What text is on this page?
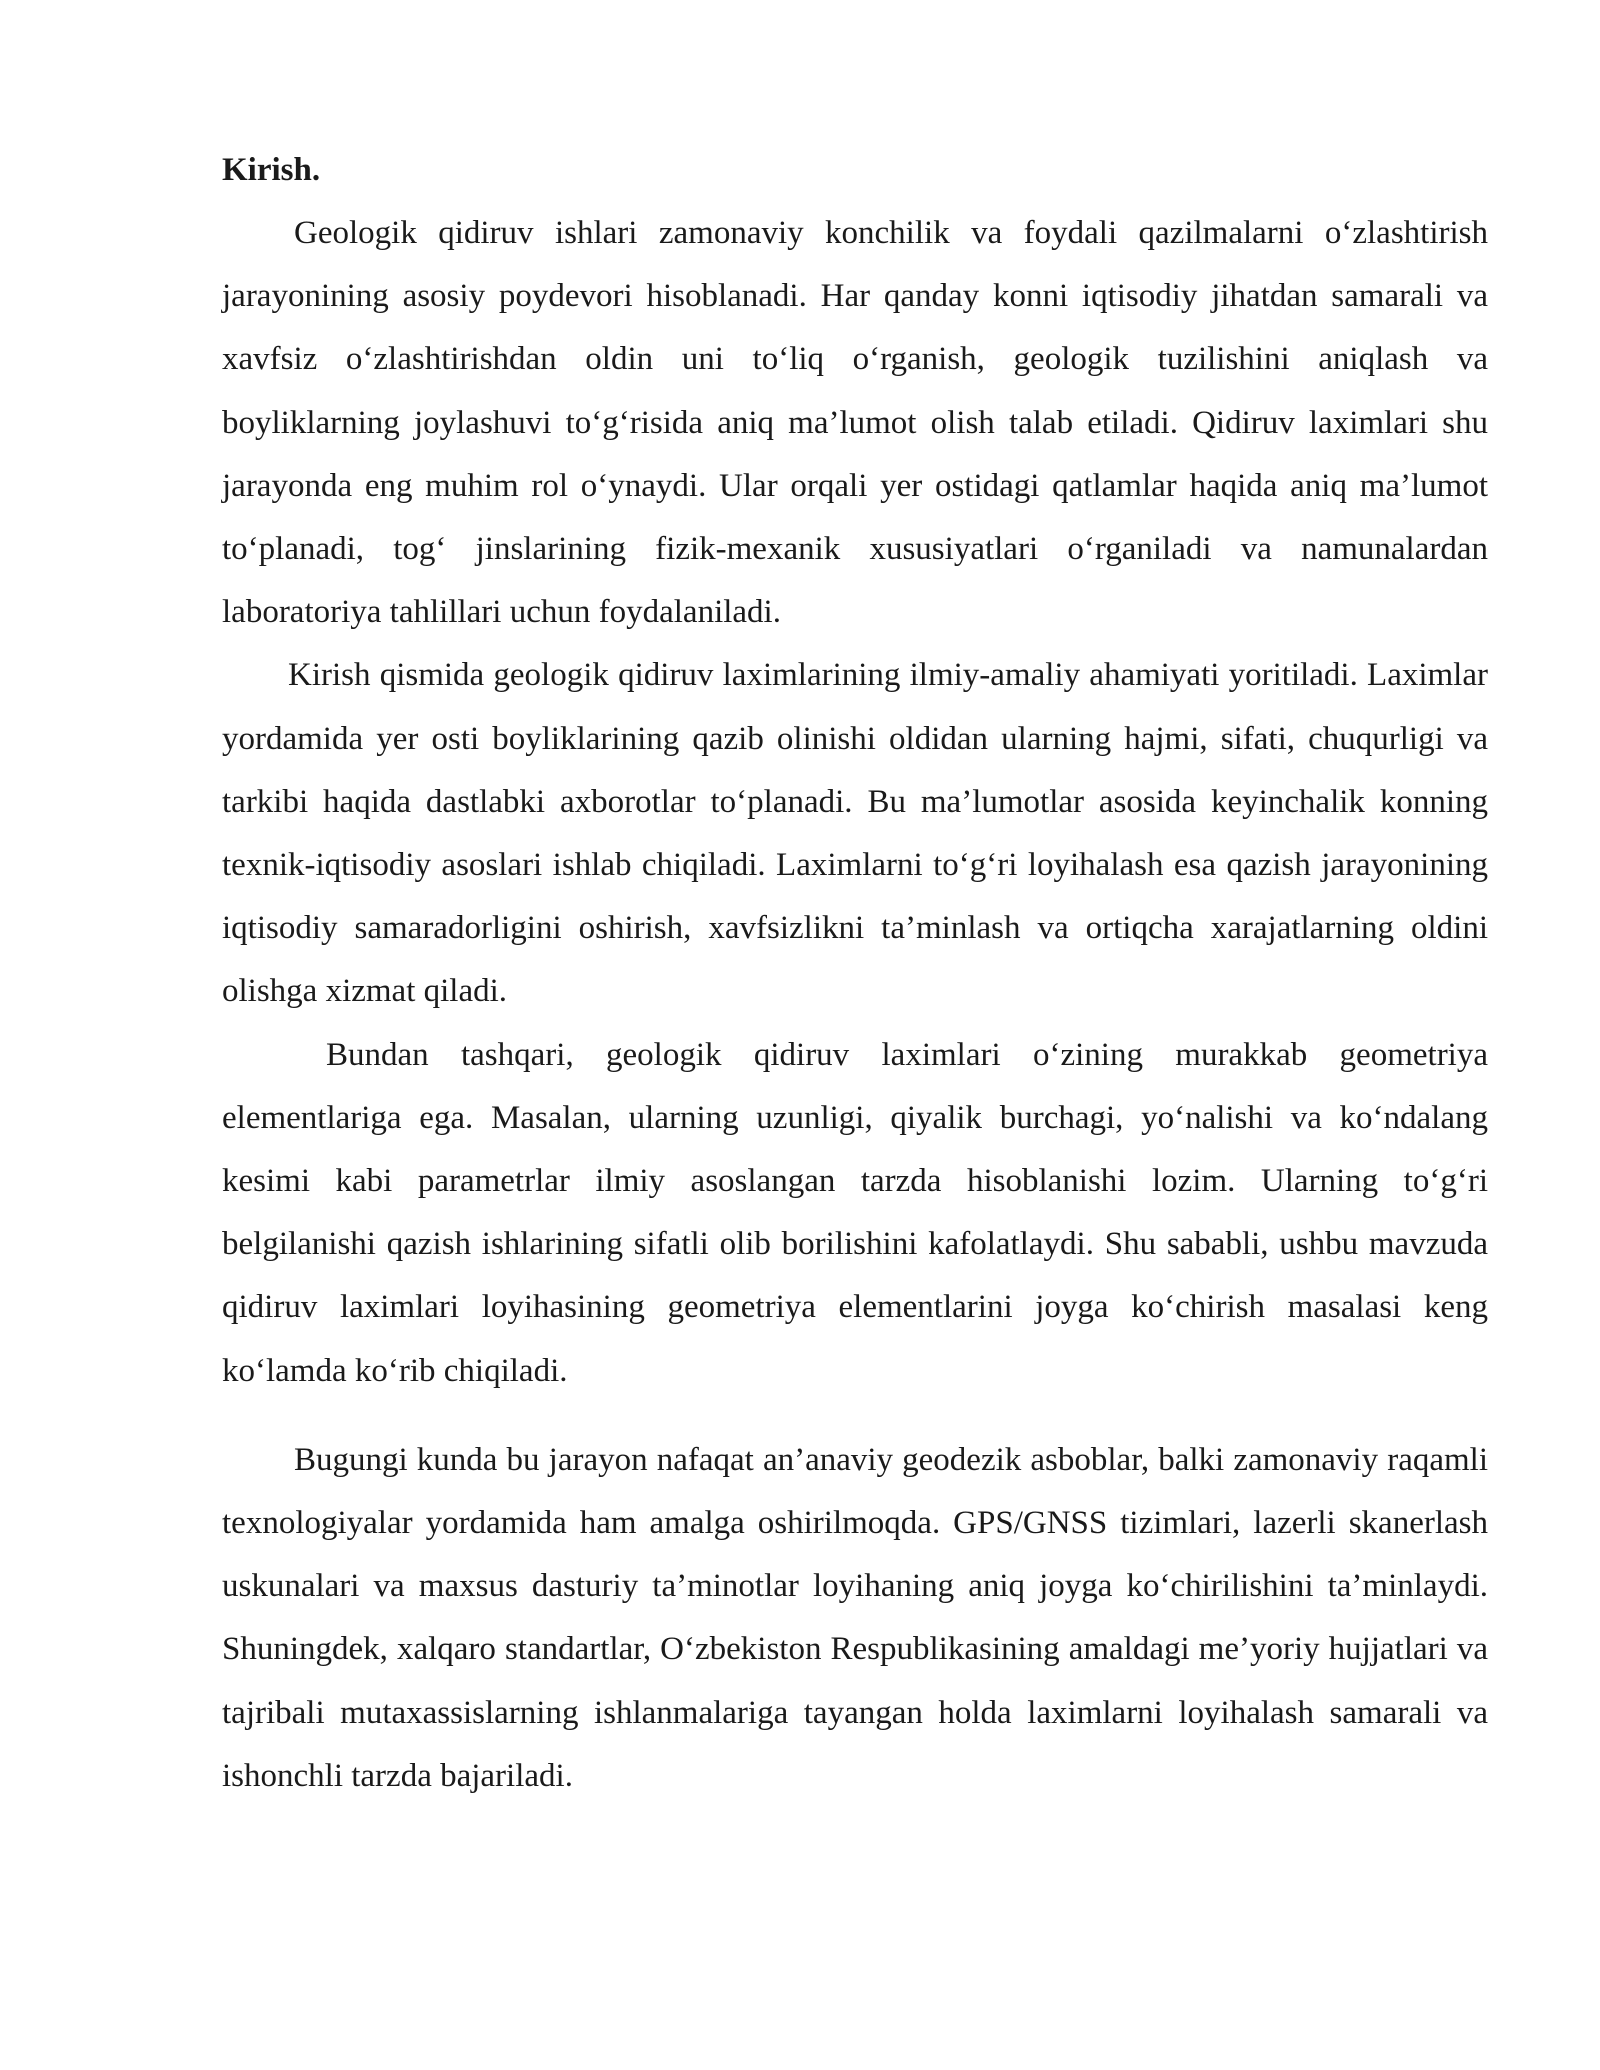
Kirish.

Geologik qidiruv ishlari zamonaviy konchilik va foydali qazilmalarni o‘zlashtirish jarayonining asosiy poydevori hisoblanadi. Har qanday konni iqtisodiy jihatdan samarali va xavfsiz o‘zlashtirishdan oldin uni to‘liq o‘rganish, geologik tuzilishini aniqlash va boyliklarning joylashuvi to‘g‘risida aniq ma’lumot olish talab etiladi. Qidiruv laximlari shu jarayonda eng muhim rol o‘ynaydi. Ular orqali yer ostidagi qatlamlar haqida aniq ma’lumot to‘planadi, tog‘ jinslarining fizik-mexanik xususiyatlari o‘rganiladi va namunalardan laboratoriya tahlillari uchun foydalaniladi.

Kirish qismida geologik qidiruv laximlarining ilmiy-amaliy ahamiyati yoritiladi. Laximlar yordamida yer osti boyliklarining qazib olinishi oldidan ularning hajmi, sifati, chuqurligi va tarkibi haqida dastlabki axborotlar to‘planadi. Bu ma’lumotlar asosida keyinchalik konning texnik-iqtisodiy asoslari ishlab chiqiladi. Laximlarni to‘g‘ri loyihalash esa qazish jarayonining iqtisodiy samaradorligini oshirish, xavfsizlikni ta’minlash va ortiqcha xarajatlarning oldini olishga xizmat qiladi.

Bundan tashqari, geologik qidiruv laximlari o‘zining murakkab geometriya elementlariga ega. Masalan, ularning uzunligi, qiyalik burchagi, yo‘nalishi va ko‘ndalang kesimi kabi parametrlar ilmiy asoslangan tarzda hisoblanishi lozim. Ularning to‘g‘ri belgilanishi qazish ishlarining sifatli olib borilishini kafolatlaydi. Shu sababli, ushbu mavzuda qidiruv laximlari loyihasining geometriya elementlarini joyga ko‘chirish masalasi keng ko‘lamda ko‘rib chiqiladi.

Bugungi kunda bu jarayon nafaqat an’anaviy geodezik asboblar, balki zamonaviy raqamli texnologiyalar yordamida ham amalga oshirilmoqda. GPS/GNSS tizimlari, lazerli skanerlash uskunalari va maxsus dasturiy ta’minotlar loyihaning aniq joyga ko‘chirilishini ta’minlaydi. Shuningdek, xalqaro standartlar, O‘zbekiston Respublikasining amaldagi me’yoriy hujjatlari va tajribali mutaxassislarning ishlanmalariga tayangan holda laximlarni loyihalash samarali va ishonchli tarzda bajariladi.
